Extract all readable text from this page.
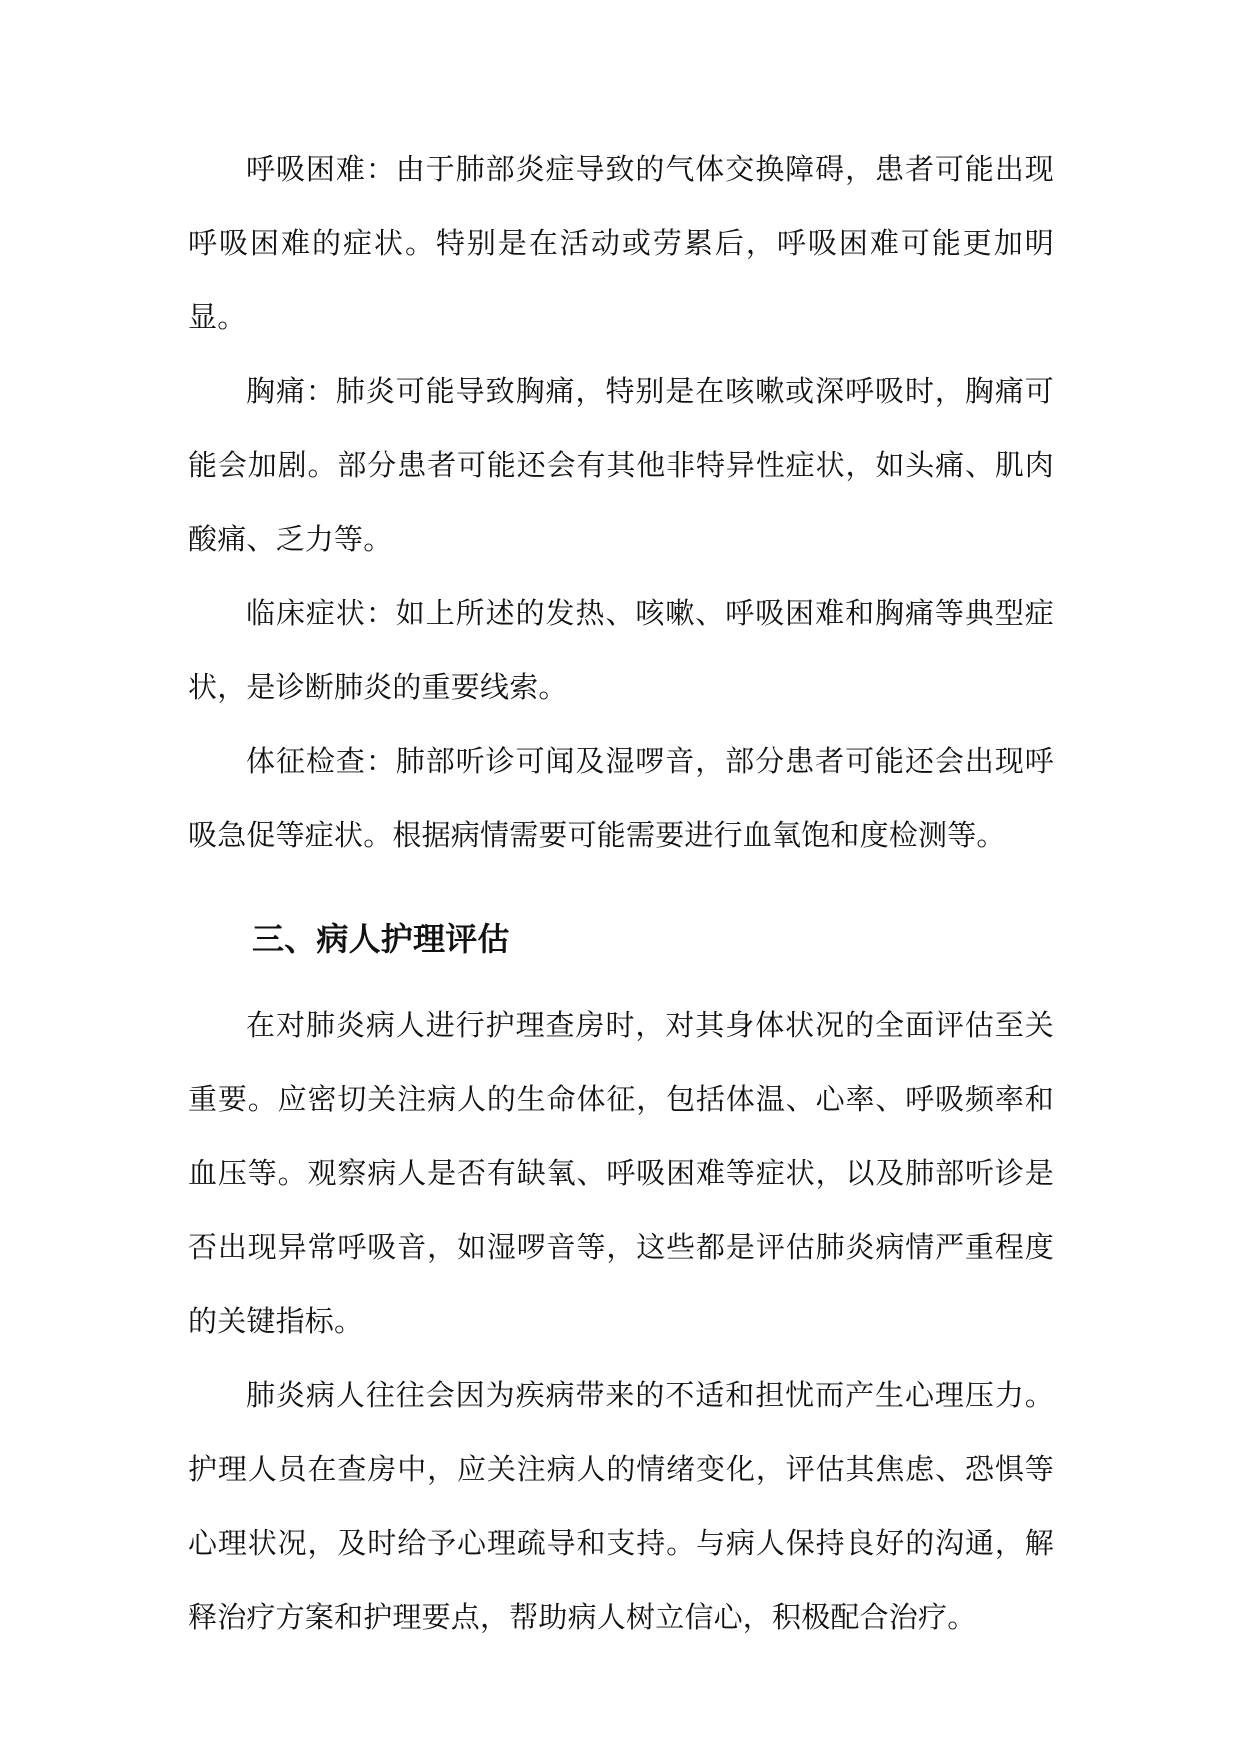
呼吸困难：由于肺部炎症导致的气体交换障碍，患者可能出现呼吸困难的症状。特别是在活动或劳累后，呼吸困难可能更加明显。

胸痛：肺炎可能导致胸痛，特别是在咳嗽或深呼吸时，胸痛可能会加剧。部分患者可能还会有其他非特异性症状，如头痛、肌肉酸痛、乏力等。

临床症状：如上所述的发热、咳嗽、呼吸困难和胸痛等典型症状，是诊断肺炎的重要线索。

体征检查：肺部听诊可闻及湿啰音，部分患者可能还会出现呼吸急促等症状。根据病情需要可能需要进行血氧饱和度检测等。

三、病人护理评估

在对肺炎病人进行护理查房时，对其身体状况的全面评估至关重要。应密切关注病人的生命体征，包括体温、心率、呼吸频率和血压等。观察病人是否有缺氧、呼吸困难等症状，以及肺部听诊是否出现异常呼吸音，如湿啰音等，这些都是评估肺炎病情严重程度的关键指标。

肺炎病人往往会因为疾病带来的不适和担忧而产生心理压力。护理人员在查房中，应关注病人的情绪变化，评估其焦虑、恐惧等心理状况，及时给予心理疏导和支持。与病人保持良好的沟通，解释治疗方案和护理要点，帮助病人树立信心，积极配合治疗。
